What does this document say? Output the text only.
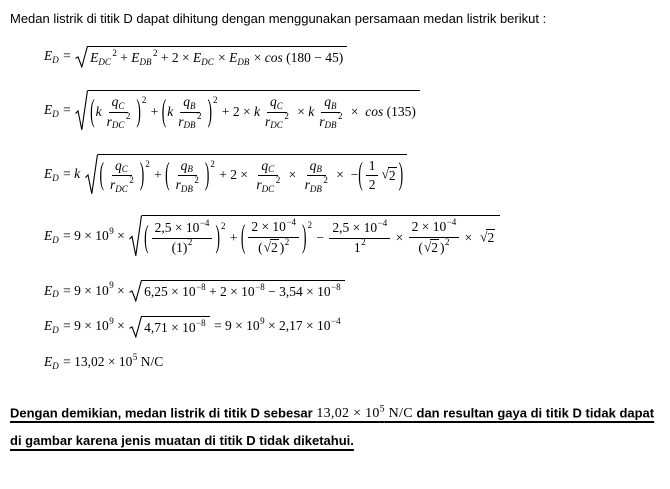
Medan listrik di titik D dapat dihitung dengan menggunakan persamaan medan listrik berikut :

E D = E DC
2 + E DB
2 + 2 × E DC × E DB × cos (180 − 45)
E D = ( k q C
r DC
2 ) 2
+ ( k q B
r DB
2 ) 2
+ 2 × k q C
r DC
2 × k q B
r DB
2 × cos (135)
E D = k
( q C
r DC
2 ) 2
+ ( q B
r DB
2 ) 2
+ 2 × q C
r DC
2 × q B
r DB
2 ×  − ( $\frac{1}{2}$ √ 2 )
E D = 9 × 10 9 × ( $\frac{2,5 \times 10 -4}{(1) 2}$ ) 2
+ ( $\frac{2 \times 10 -4}{( √ 2 ) 2}$ ) 2
− $\frac{2,5 \times 10 -4}{1 2} \times \frac{2 \times 10 -4}{( √ 2 ) 2}$ × √ 2
E D = 9 × 10 9 × 6,25 × 10 −8 + 2 × 10 −8 − 3,54 × 10 −8
E D = 9 × 10 9 × 4,71 × 10 −8 = 9 × 10 9 × 2,17 × 10 −4
E D = 13,02 × 10 5 N/C

Dengan demikian, medan listrik di titik D sebesar $13,02 \times 10^5$ N/C dan resultan gaya di titik D tidak dapat di gambar karena jenis muatan di titik D tidak diketahui.
